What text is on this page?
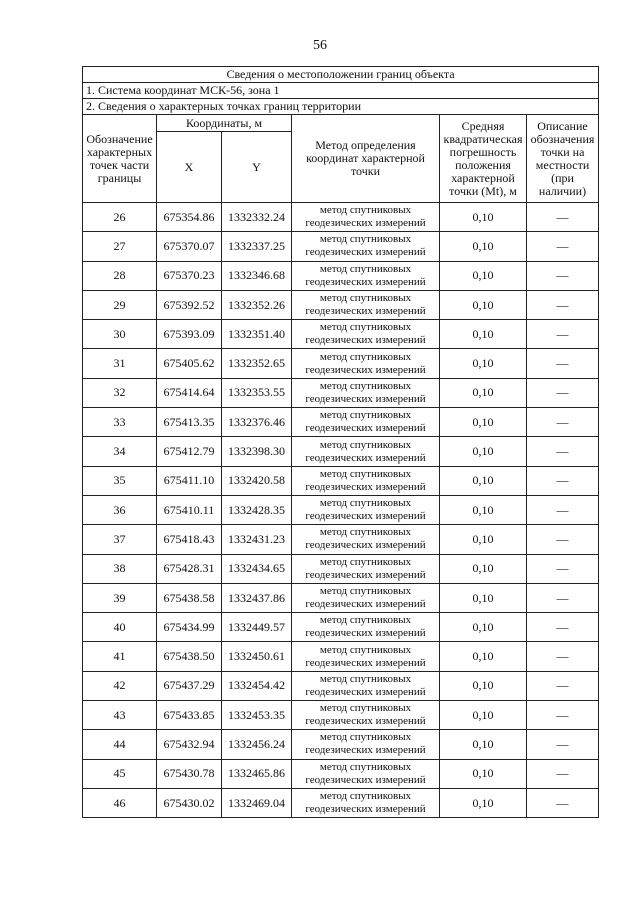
56
Сведения о местоположении границ объекта					
1. Система координат МСК-56, зона 1					
2. Сведения о характерных точках границ территории					

Обозначение характерных точек части границы	Координаты, м		Метод определения координат характерной точки	Средняя квадратическая погрешность положения характерной точки (Mt), м	Описание обозначения точки на местности (при наличии)

	X	Y			
26	675354.86	1332332.24	метод спутниковых геодезических измерений	0,10	—
27	675370.07	1332337.25	метод спутниковых геодезических измерений	0,10	—
28	675370.23	1332346.68	метод спутниковых геодезических измерений	0,10	—
29	675392.52	1332352.26	метод спутниковых геодезических измерений	0,10	—
30	675393.09	1332351.40	метод спутниковых геодезических измерений	0,10	—
31	675405.62	1332352.65	метод спутниковых геодезических измерений	0,10	—
32	675414.64	1332353.55	метод спутниковых геодезических измерений	0,10	—
33	675413.35	1332376.46	метод спутниковых геодезических измерений	0,10	—
34	675412.79	1332398.30	метод спутниковых геодезических измерений	0,10	—
35	675411.10	1332420.58	метод спутниковых геодезических измерений	0,10	—
36	675410.11	1332428.35	метод спутниковых геодезических измерений	0,10	—
37	675418.43	1332431.23	метод спутниковых геодезических измерений	0,10	—
38	675428.31	1332434.65	метод спутниковых геодезических измерений	0,10	—
39	675438.58	1332437.86	метод спутниковых геодезических измерений	0,10	—
40	675434.99	1332449.57	метод спутниковых геодезических измерений	0,10	—
41	675438.50	1332450.61	метод спутниковых геодезических измерений	0,10	—
42	675437.29	1332454.42	метод спутниковых геодезических измерений	0,10	—
43	675433.85	1332453.35	метод спутниковых геодезических измерений	0,10	—
44	675432.94	1332456.24	метод спутниковых геодезических измерений	0,10	—
45	675430.78	1332465.86	метод спутниковых геодезических измерений	0,10	—
46	675430.02	1332469.04	метод спутниковых геодезических измерений	0,10	—
